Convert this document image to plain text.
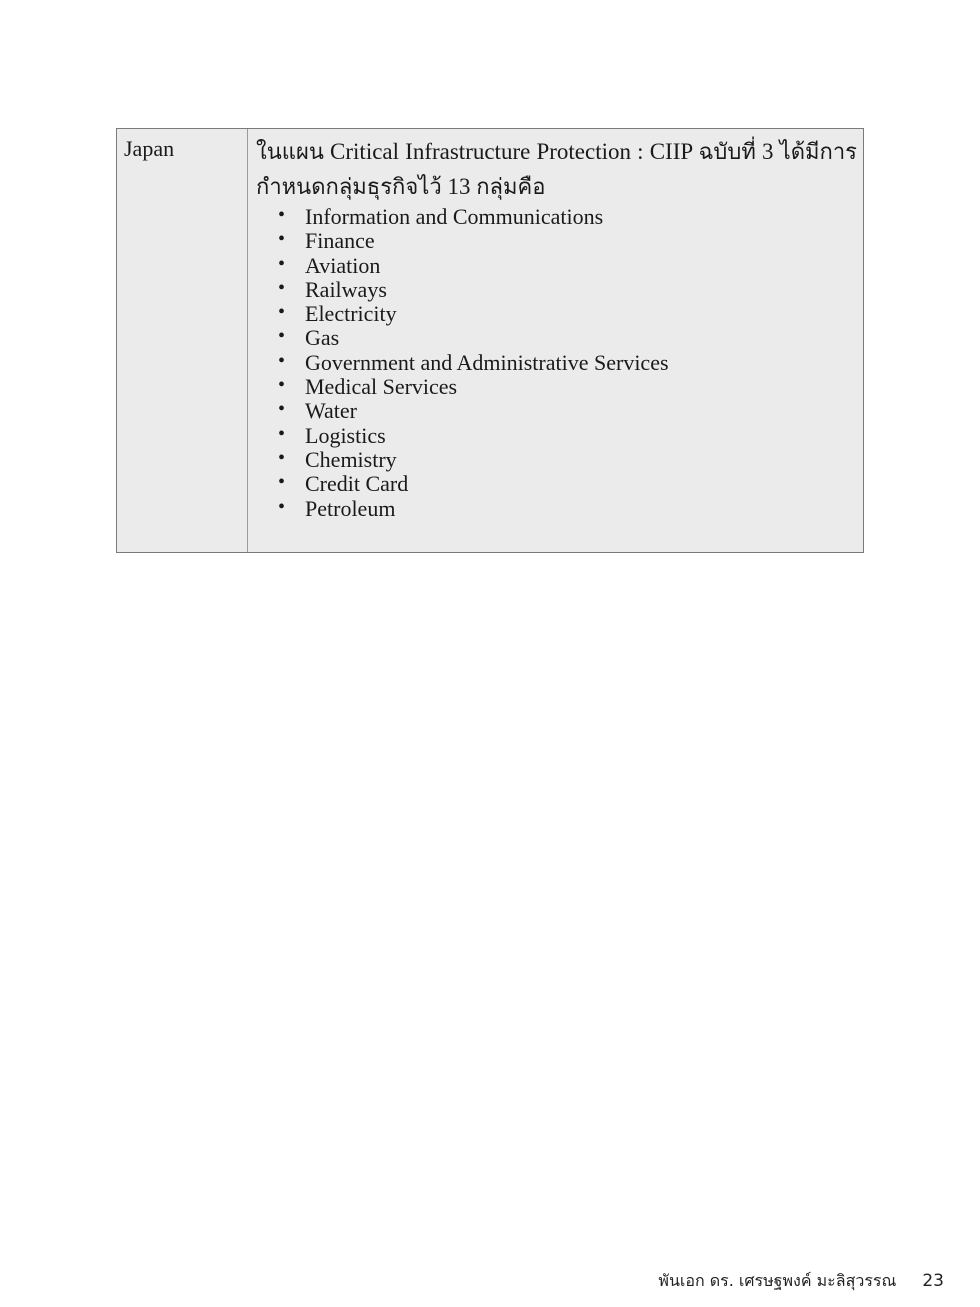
Japan	ในแผน Critical Infrastructure Protection : CIIP ฉบับที่ 3 ได้มีการกำหนดกลุ่มธุรกิจไว้ 13 กลุ่มคือ

• Information and Communications
• Finance
• Aviation
• Railways
• Electricity
• Gas
• Government and Administrative Services
• Medical Services
• Water
• Logistics
• Chemistry
• Credit Card
• Petroleum
พันเอก ดร. เศรษฐพงค์ มะลิสุวรรณ 23
